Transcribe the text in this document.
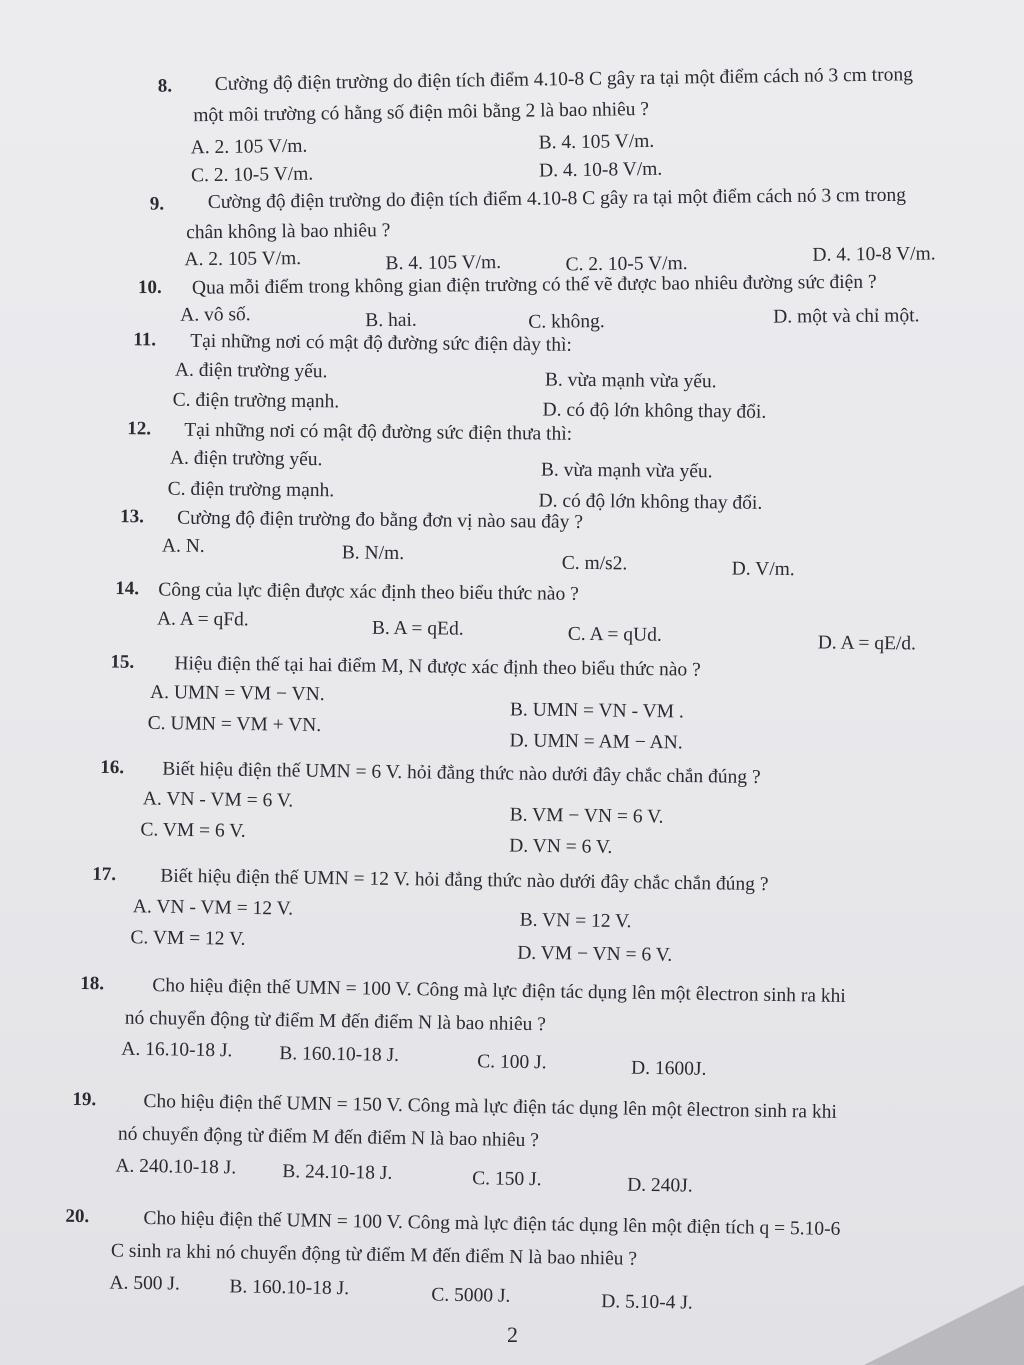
8. Cường độ điện trường do điện tích điểm 4.10-8 C gây ra tại một điểm cách nó 3 cm trong
một môi trường có hằng số điện môi bằng 2 là bao nhiêu ?
A. 2. 105 V/m.	B. 4. 105 V/m.
C. 2. 10-5 V/m.	D. 4. 10-8 V/m.
9. Cường độ điện trường do điện tích điểm 4.10-8 C gây ra tại một điểm cách nó 3 cm trong
chân không là bao nhiêu ?
A. 2. 105 V/m.	B. 4. 105 V/m.	C. 2. 10-5 V/m.	D. 4. 10-8 V/m.
10. Qua mỗi điểm trong không gian điện trường có thể vẽ được bao nhiêu đường sức điện ?
A. vô số.	B. hai.	C. không.	D. một và chỉ một.
11. Tại những nơi có mật độ đường sức điện dày thì:
A. điện trường yếu.	B. vừa mạnh vừa yếu.
C. điện trường mạnh.	D. có độ lớn không thay đổi.
12. Tại những nơi có mật độ đường sức điện thưa thì:
A. điện trường yếu.
B. vừa mạnh vừa yếu.
C. điện trường mạnh.
D. có độ lớn không thay đổi.
13. Cường độ điện trường đo bằng đơn vị nào sau đây ?
A. N.	B. N/m.	C. m/s2.	D. V/m.
14. Công của lực điện được xác định theo biểu thức nào ?
A. A = qFd.	B. A = qEd.	C. A = qUd.	D. A = qE/d.
15. Hiệu điện thế tại hai điểm M, N được xác định theo biểu thức nào ?
A. UMN = VM − VN.
B. UMN = VN - VM .
C. UMN = VM + VN.
D. UMN = AM − AN.
16. Biết hiệu điện thế UMN = 6 V. hỏi đẳng thức nào dưới đây chắc chắn đúng ?
A. VN - VM = 6 V.
B. VM − VN = 6 V.
C. VM = 6 V.
D. VN = 6 V.
17. Biết hiệu điện thế UMN = 12 V. hỏi đẳng thức nào dưới đây chắc chắn đúng ?
A. VN - VM = 12 V.
B. VN = 12 V.
C. VM = 12 V.
D. VM − VN = 6 V.
18. Cho hiệu điện thế UMN = 100 V. Công mà lực điện tác dụng lên một êlectron sinh ra khi
nó chuyển động từ điểm M đến điểm N là bao nhiêu ?
A. 16.10-18 J. B. 160.10-18 J.	C. 100 J.	D. 1600J.
19. Cho hiệu điện thế UMN = 150 V. Công mà lực điện tác dụng lên một êlectron sinh ra khi
nó chuyển động từ điểm M đến điểm N là bao nhiêu ?
A. 240.10-18 J. B. 24.10-18 J.	C. 150 J.	D. 240J.
20.	Cho hiệu điện thế UMN = 100 V. Công mà lực điện tác dụng lên một điện tích q = 5.10-6
C sinh ra khi nó chuyển động từ điểm M đến điểm N là bao nhiêu ?
A. 500 J.	B. 160.10-18 J.	C. 5000 J.	D. 5.10-4 J.
2
